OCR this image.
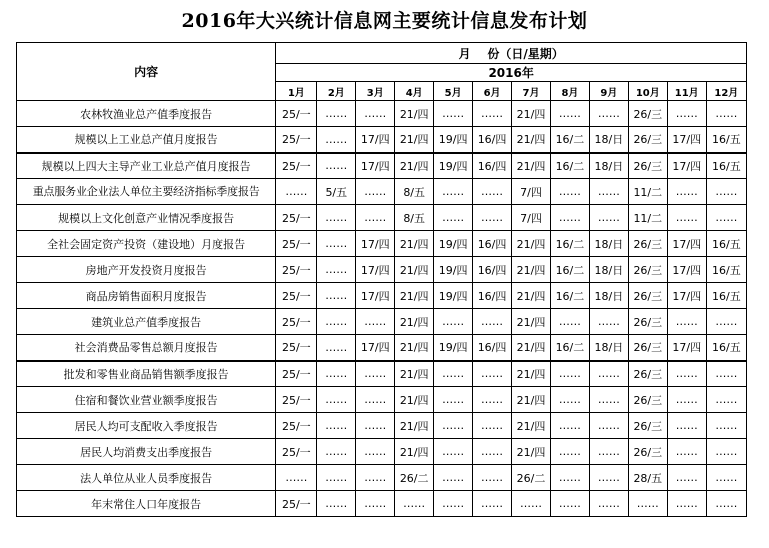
2016年大兴统计信息网主要统计信息发布计划
内容	月    份（日/星期）											
	2016年											
	1月	2月	3月	4月	5月	6月	7月	8月	9月	10月	11月	12月
农林牧渔业总产值季度报告	25/一	……	……	21/四	……	……	21/四	……	……	26/三	……	……
规模以上工业总产值月度报告	25/一	……	17/四	21/四	19/四	16/四	21/四	16/二	18/日	26/三	17/四	16/五
规模以上四大主导产业工业总产值月度报告	25/一	……	17/四	21/四	19/四	16/四	21/四	16/二	18/日	26/三	17/四	16/五
重点服务业企业法人单位主要经济指标季度报告	……	5/五	……	8/五	……	……	7/四	……	……	11/二	……	……
规模以上文化创意产业情况季度报告	25/一	……	……	8/五	……	……	7/四	……	……	11/二	……	……
全社会固定资产投资（建设地）月度报告	25/一	……	17/四	21/四	19/四	16/四	21/四	16/二	18/日	26/三	17/四	16/五
房地产开发投资月度报告	25/一	……	17/四	21/四	19/四	16/四	21/四	16/二	18/日	26/三	17/四	16/五
商品房销售面积月度报告	25/一	……	17/四	21/四	19/四	16/四	21/四	16/二	18/日	26/三	17/四	16/五
建筑业总产值季度报告	25/一	……	……	21/四	……	……	21/四	……	……	26/三	……	……
社会消费品零售总额月度报告	25/一	……	17/四	21/四	19/四	16/四	21/四	16/二	18/日	26/三	17/四	16/五
批发和零售业商品销售额季度报告	25/一	……	……	21/四	……	……	21/四	……	……	26/三	……	……
住宿和餐饮业营业额季度报告	25/一	……	……	21/四	……	……	21/四	……	……	26/三	……	……
居民人均可支配收入季度报告	25/一	……	……	21/四	……	……	21/四	……	……	26/三	……	……
居民人均消费支出季度报告	25/一	……	……	21/四	……	……	21/四	……	……	26/三	……	……
法人单位从业人员季度报告	……	……	……	26/二	……	……	26/二	……	……	28/五	……	……
年末常住人口年度报告	25/一	……	……	……	……	……	……	……	……	……	……	……
